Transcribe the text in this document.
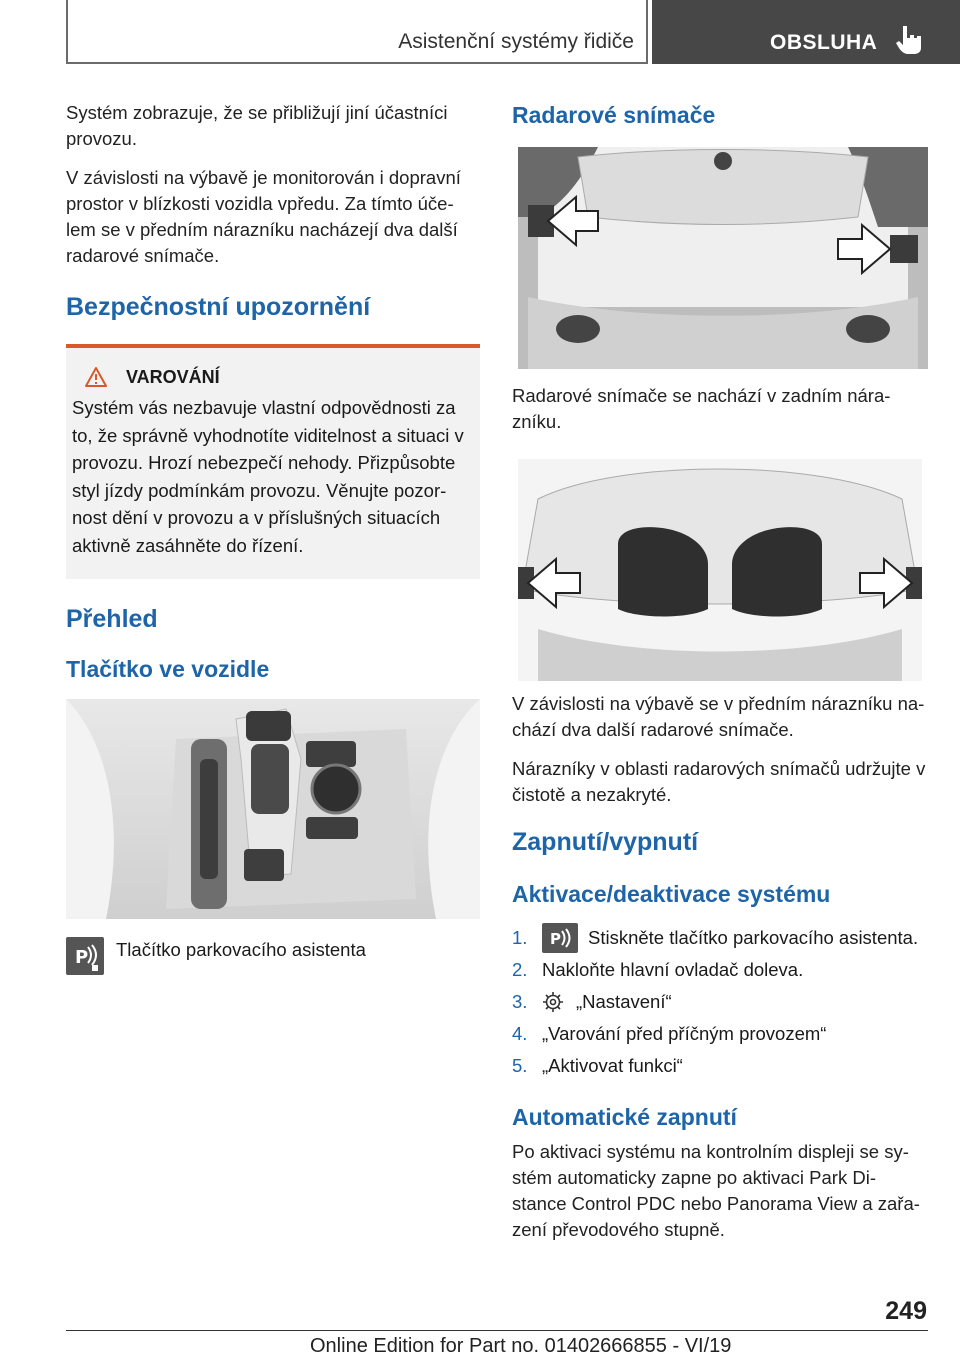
Asistenční systémy řidiče	OBSLUHA

Systém zobrazuje, že se přibližují jiní účastníci provozu.

V závislosti na výbavě je monitorován i dopravní prostor v blízkosti vozidla vpředu. Za tímto úče- lem se v předním nárazníku nacházejí dva další radarové snímače.

Bezpečnostní upozornění
VAROVÁNÍ

Systém vás nezbavuje vlastní odpovědnosti za to, že správně vyhodnotíte viditelnost a situaci v provozu. Hrozí nebezpečí nehody. Přizpůsobte styl jízdy podmínkám provozu. Věnujte pozor- nost dění v provozu a v příslušných situacích aktivně zasáhněte do řízení.

Přehled
Tlačítko ve vozidle
P Tlačítko parkovacího asistenta
Radarové snímače

Radarové snímače se nachází v zadním nára- zníku.

V závislosti na výbavě se v předním nárazníku na- chází dva další radarové snímače.

Nárazníky v oblasti radarových snímačů udržujte v čistotě a nezakryté.

Zapnutí/vypnutí
Aktivace/deaktivace systému
1.	P Stiskněte tlačítko parkovacího asistenta.
2. Nakloňte hlavní ovladač doleva.
3.	„Nastavení“
4. „Varování před příčným provozem“
5. „Aktivovat funkci“
Automatické zapnutí

Po aktivaci systému na kontrolním displeji se sy- stém automaticky zapne po aktivaci Park Di- stance Control PDC nebo Panorama View a zařa- zení převodového stupně.

249
Online Edition for Part no. 01402666855 - VI/19
